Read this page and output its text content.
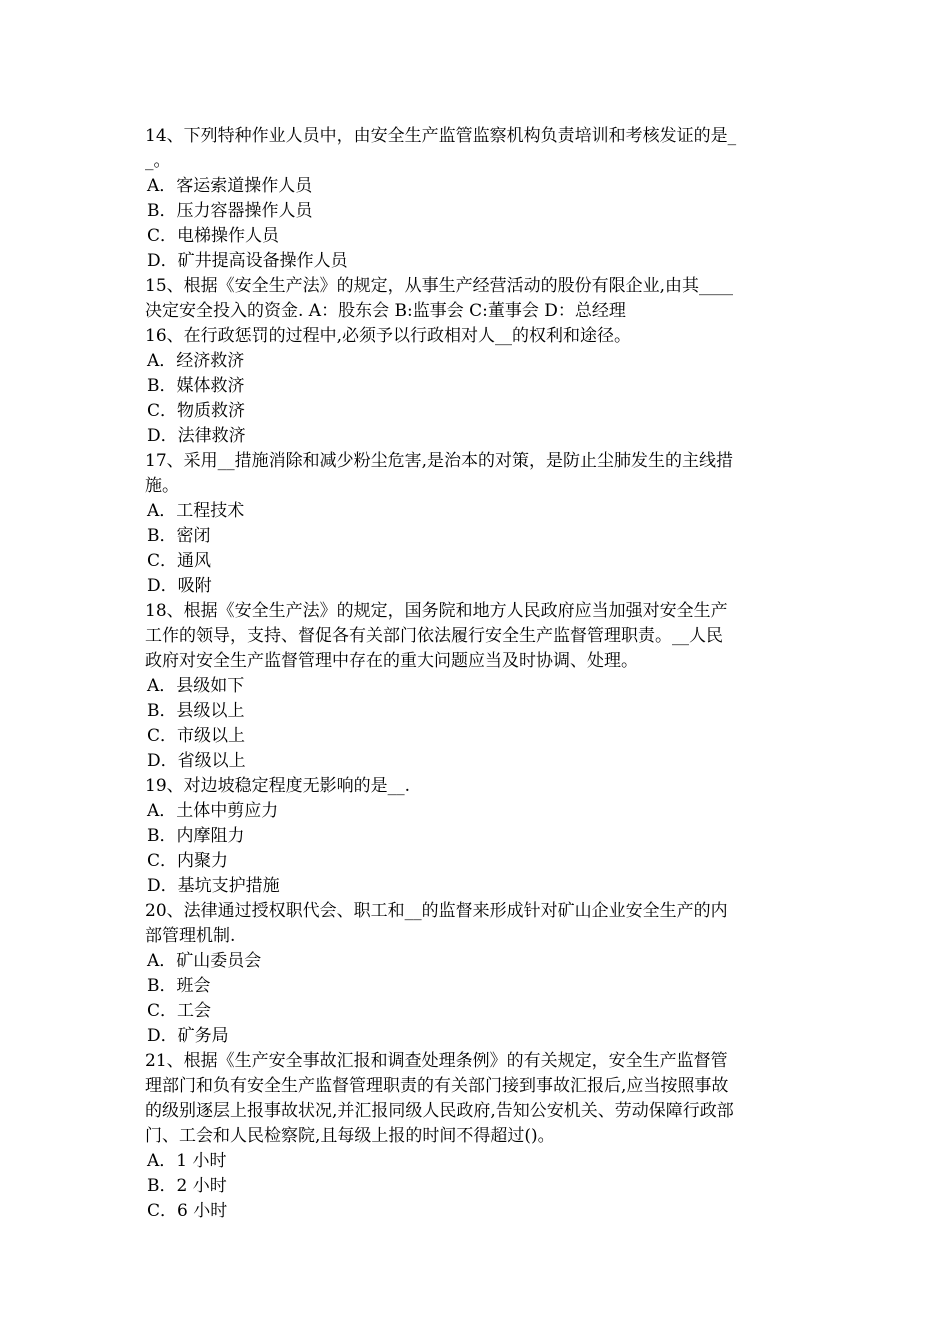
14、下列特种作业人员中，由安全生产监管监察机构负责培训和考核发证的是_
_。
A．客运索道操作人员
B．压力容器操作人员
C．电梯操作人员
D．矿井提高设备操作人员
15、根据《安全生产法》的规定，从事生产经营活动的股份有限企业,由其____
决定安全投入的资金. A：股东会 B:监事会 C:董事会 D：总经理
16、在行政惩罚的过程中,必须予以行政相对人__的权利和途径。
A．经济救济
B．媒体救济
C．物质救济
D．法律救济
17、采用__措施消除和减少粉尘危害,是治本的对策，是防止尘肺发生的主线措
施。
A．工程技术
B．密闭
C．通风
D．吸附
18、根据《安全生产法》的规定，国务院和地方人民政府应当加强对安全生产
工作的领导，支持、督促各有关部门依法履行安全生产监督管理职责。__人民
政府对安全生产监督管理中存在的重大问题应当及时协调、处理。
A．县级如下
B．县级以上
C．市级以上
D．省级以上
19、对边坡稳定程度无影响的是__.
A．土体中剪应力
B．内摩阻力
C．内聚力
D．基坑支护措施
20、法律通过授权职代会、职工和__的监督来形成针对矿山企业安全生产的内
部管理机制.
A．矿山委员会
B．班会
C．工会
D．矿务局
21、根据《生产安全事故汇报和调查处理条例》的有关规定，安全生产监督管
理部门和负有安全生产监督管理职责的有关部门接到事故汇报后,应当按照事故
的级别逐层上报事故状况,并汇报同级人民政府,告知公安机关、劳动保障行政部
门、工会和人民检察院,且每级上报的时间不得超过()。
A．1 小时
B．2 小时
C．6 小时
